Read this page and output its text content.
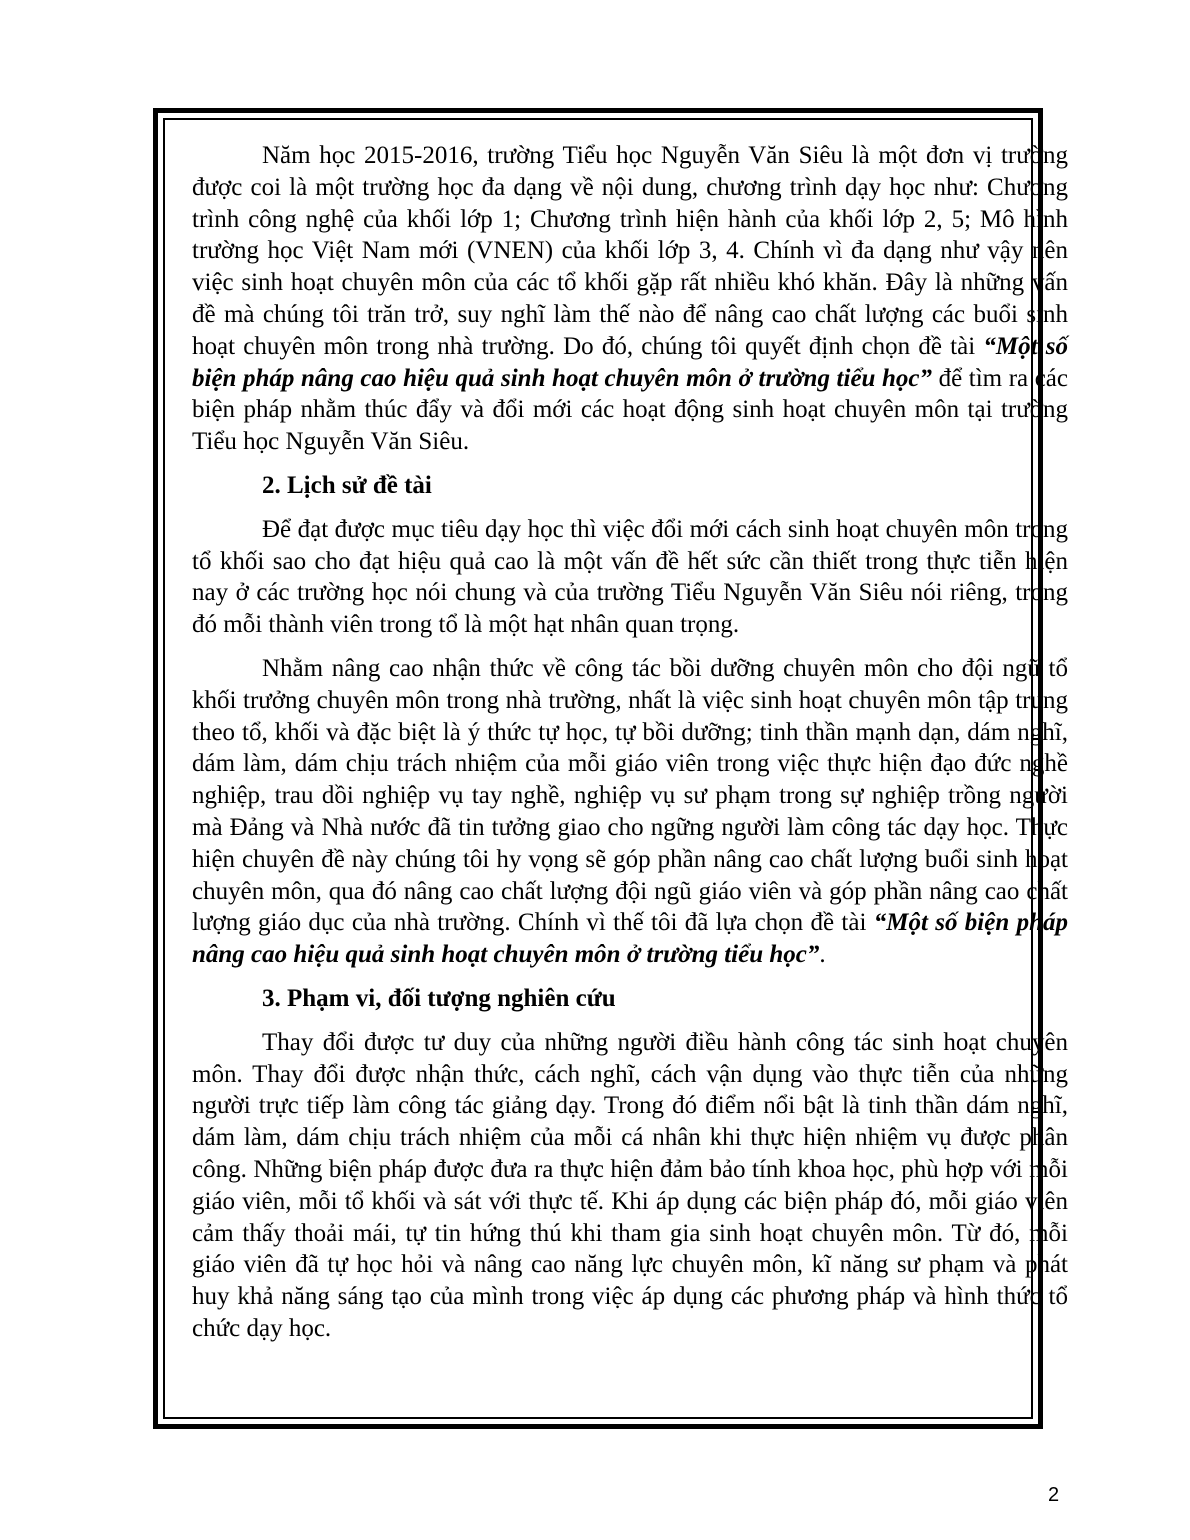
Năm học 2015-2016, trường Tiểu học Nguyễn Văn Siêu là một đơn vị trường được coi là một trường học đa dạng về nội dung, chương trình dạy học như: Chương trình công nghệ của khối lớp 1; Chương trình hiện hành của khối lớp 2, 5; Mô hình trường học Việt Nam mới (VNEN) của khối lớp 3, 4. Chính vì đa dạng như vậy nên việc sinh hoạt chuyên môn của các tổ khối gặp rất nhiều khó khăn. Đây là những vấn đề mà chúng tôi trăn trở, suy nghĩ làm thế nào để nâng cao chất lượng các buổi sinh hoạt chuyên môn trong nhà trường. Do đó, chúng tôi quyết định chọn đề tài “Một số biện pháp nâng cao hiệu quả sinh hoạt chuyên môn ở trường tiểu học” để tìm ra các biện pháp nhằm thúc đẩy và đổi mới các hoạt động sinh hoạt chuyên môn tại trường Tiểu học Nguyễn Văn Siêu.

2. Lịch sử đề tài

Để đạt được mục tiêu dạy học thì việc đổi mới cách sinh hoạt chuyên môn trong tổ khối sao cho đạt hiệu quả cao là một vấn đề hết sức cần thiết trong thực tiễn hiện nay ở các trường học nói chung và của trường Tiểu Nguyễn Văn Siêu nói riêng, trong đó mỗi thành viên trong tổ là một hạt nhân quan trọng.

Nhằm nâng cao nhận thức về công tác bồi dưỡng chuyên môn cho đội ngũ tổ khối trưởng chuyên môn trong nhà trường, nhất là việc sinh hoạt chuyên môn tập trung theo tổ, khối và đặc biệt là ý thức tự học, tự bồi dưỡng; tinh thần mạnh dạn, dám nghĩ, dám làm, dám chịu trách nhiệm của mỗi giáo viên trong việc thực hiện đạo đức nghề nghiệp, trau dồi nghiệp vụ tay nghề, nghiệp vụ sư phạm trong sự nghiệp trồng người mà Đảng và Nhà nước đã tin tưởng giao cho ngững người làm công tác dạy học. Thực hiện chuyên đề này chúng tôi hy vọng sẽ góp phần nâng cao chất lượng buổi sinh hoạt chuyên môn, qua đó nâng cao chất lượng đội ngũ giáo viên và góp phần nâng cao chất lượng giáo dục của nhà trường. Chính vì thế tôi đã lựa chọn đề tài “Một số biện pháp nâng cao hiệu quả sinh hoạt chuyên môn ở trường tiểu học”.

3. Phạm vi, đối tượng nghiên cứu

Thay đổi được tư duy của những người điều hành công tác sinh hoạt chuyên môn. Thay đổi được nhận thức, cách nghĩ, cách vận dụng vào thực tiễn của những người trực tiếp làm công tác giảng dạy. Trong đó điểm nổi bật là tinh thần dám nghĩ, dám làm, dám chịu trách nhiệm của mỗi cá nhân khi thực hiện nhiệm vụ được phân công. Những biện pháp được đưa ra thực hiện đảm bảo tính khoa học, phù hợp với mỗi giáo viên, mỗi tổ khối và sát với thực tế. Khi áp dụng các biện pháp đó, mỗi giáo viên cảm thấy thoải mái, tự tin hứng thú khi tham gia sinh hoạt chuyên môn. Từ đó, mỗi giáo viên đã tự học hỏi và nâng cao năng lực chuyên môn, kĩ năng sư phạm và phát huy khả năng sáng tạo của mình trong việc áp dụng các phương pháp và hình thức tổ chức dạy học.

2
